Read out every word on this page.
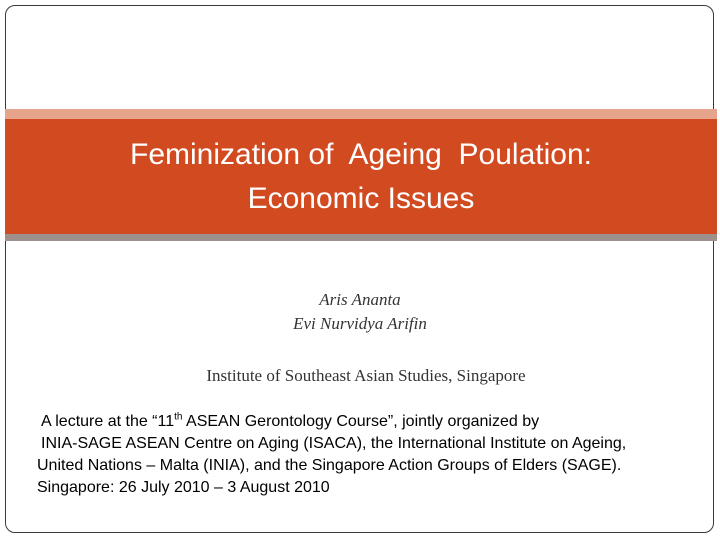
Feminization of  Ageing  Poulation:
Economic Issues
Aris Ananta
Evi Nurvidya Arifin
Institute of Southeast Asian Studies, Singapore
A lecture at the “11th ASEAN Gerontology Course”, jointly organized by
INIA-SAGE ASEAN Centre on Aging (ISACA), the International Institute on Ageing,
United Nations – Malta (INIA), and the Singapore Action Groups of Elders (SAGE).
Singapore: 26 July 2010 – 3 August 2010
